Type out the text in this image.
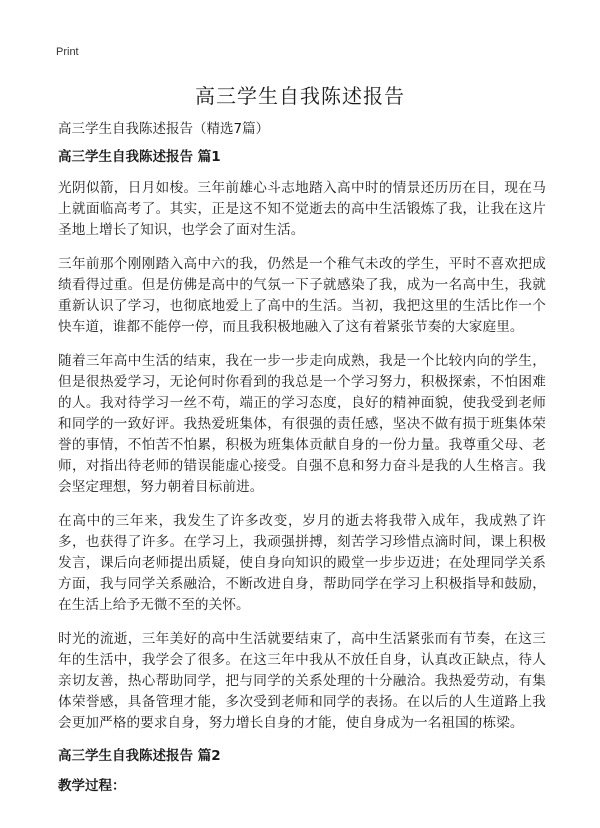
Print
高三学生自我陈述报告

高三学生自我陈述报告（精选7篇）

高三学生自我陈述报告 篇1

光阴似箭，日月如梭。三年前雄心斗志地踏入高中时的情景还历历在目，现在马上就面临高考了。其实，正是这不知不觉逝去的高中生活锻炼了我，让我在这片圣地上增长了知识，也学会了面对生活。

三年前那个刚刚踏入高中六的我，仍然是一个稚气未改的学生，平时不喜欢把成绩看得过重。但是仿佛是高中的气氛一下子就感染了我，成为一名高中生，我就重新认识了学习，也彻底地爱上了高中的生活。当初，我把这里的生活比作一个快车道，谁都不能停一停，而且我积极地融入了这有着紧张节奏的大家庭里。

随着三年高中生活的结束，我在一步一步走向成熟，我是一个比较内向的学生，但是很热爱学习，无论何时你看到的我总是一个学习努力，积极探索，不怕困难的人。我对待学习一丝不苟，端正的学习态度，良好的精神面貌，使我受到老师和同学的一致好评。我热爱班集体，有很强的责任感，坚决不做有损于班集体荣誉的事情，不怕苦不怕累，积极为班集体贡献自身的一份力量。我尊重父母、老师，对指出待老师的错误能虚心接受。自强不息和努力奋斗是我的人生格言。我会坚定理想，努力朝着目标前进。

在高中的三年来，我发生了许多改变，岁月的逝去将我带入成年，我成熟了许多，也获得了许多。在学习上，我顽强拼搏，刻苦学习珍惜点滴时间，课上积极发言，课后向老师提出质疑，使自身向知识的殿堂一步步迈进；在处理同学关系方面，我与同学关系融洽，不断改进自身，帮助同学在学习上积极指导和鼓励，在生活上给予无微不至的关怀。

时光的流逝，三年美好的高中生活就要结束了，高中生活紧张而有节奏，在这三年的生活中，我学会了很多。在这三年中我从不放任自身，认真改正缺点，待人亲切友善，热心帮助同学，把与同学的关系处理的十分融洽。我热爱劳动，有集体荣誉感，具备管理才能，多次受到老师和同学的表扬。在以后的人生道路上我会更加严格的要求自身，努力增长自身的才能，使自身成为一名祖国的栋梁。

高三学生自我陈述报告 篇2
教学过程：
